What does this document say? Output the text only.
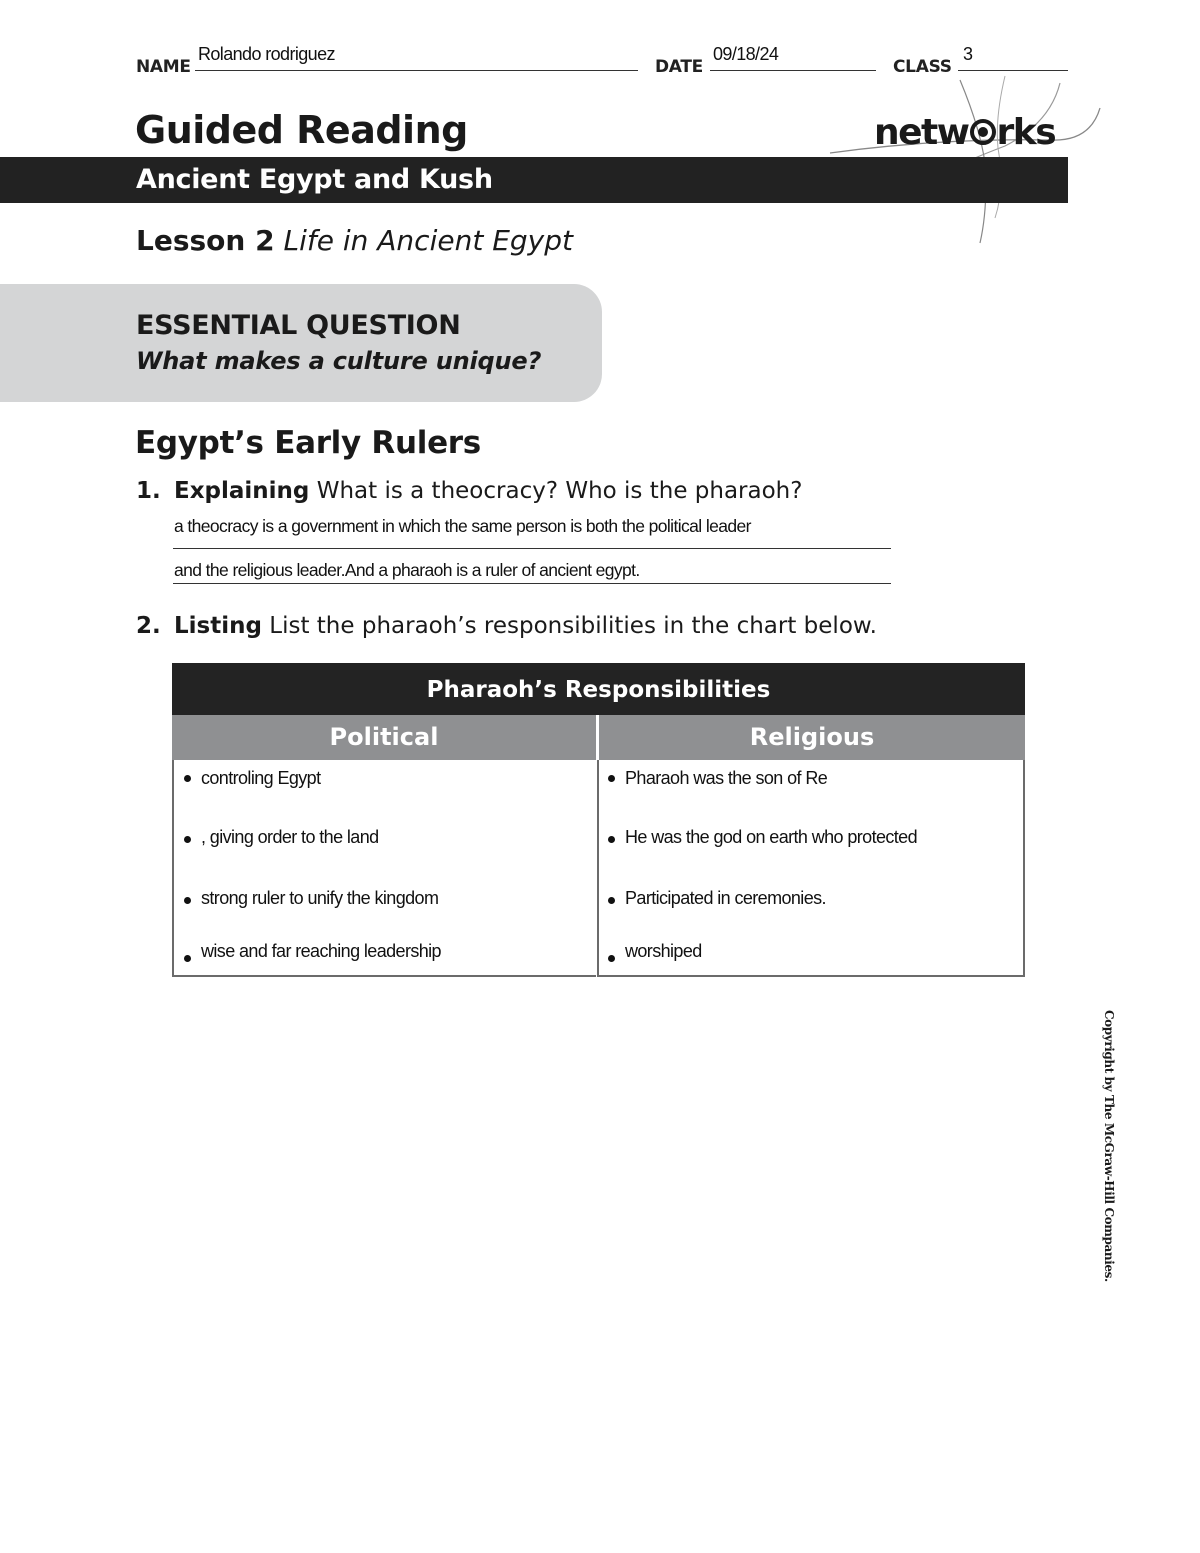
NAME
Rolando rodriguez
DATE
09/18/24
CLASS
3
Guided Reading	netw rks
Ancient Egypt and Kush
Lesson 2 Life in Ancient Egypt
ESSENTIAL QUESTION
What makes a culture unique?
Egypt’s Early Rulers
1. Explaining What is a theocracy? Who is the pharaoh?
a theocracy is a government in which the same person is both the political leader
and the religious leader.And a pharaoh is a ruler of ancient egypt.
2. Listing List the pharaoh’s responsibilities in the chart below.
Pharaoh’s Responsibilities
Political	Religious
controling Egypt
, giving order to the land
strong ruler to unify the kingdom
wise and far reaching leadership
Pharaoh was the son of Re
He was the god on earth who protected
Participated in ceremonies.
worshiped
Copyright by The McGraw-Hill Companies.
